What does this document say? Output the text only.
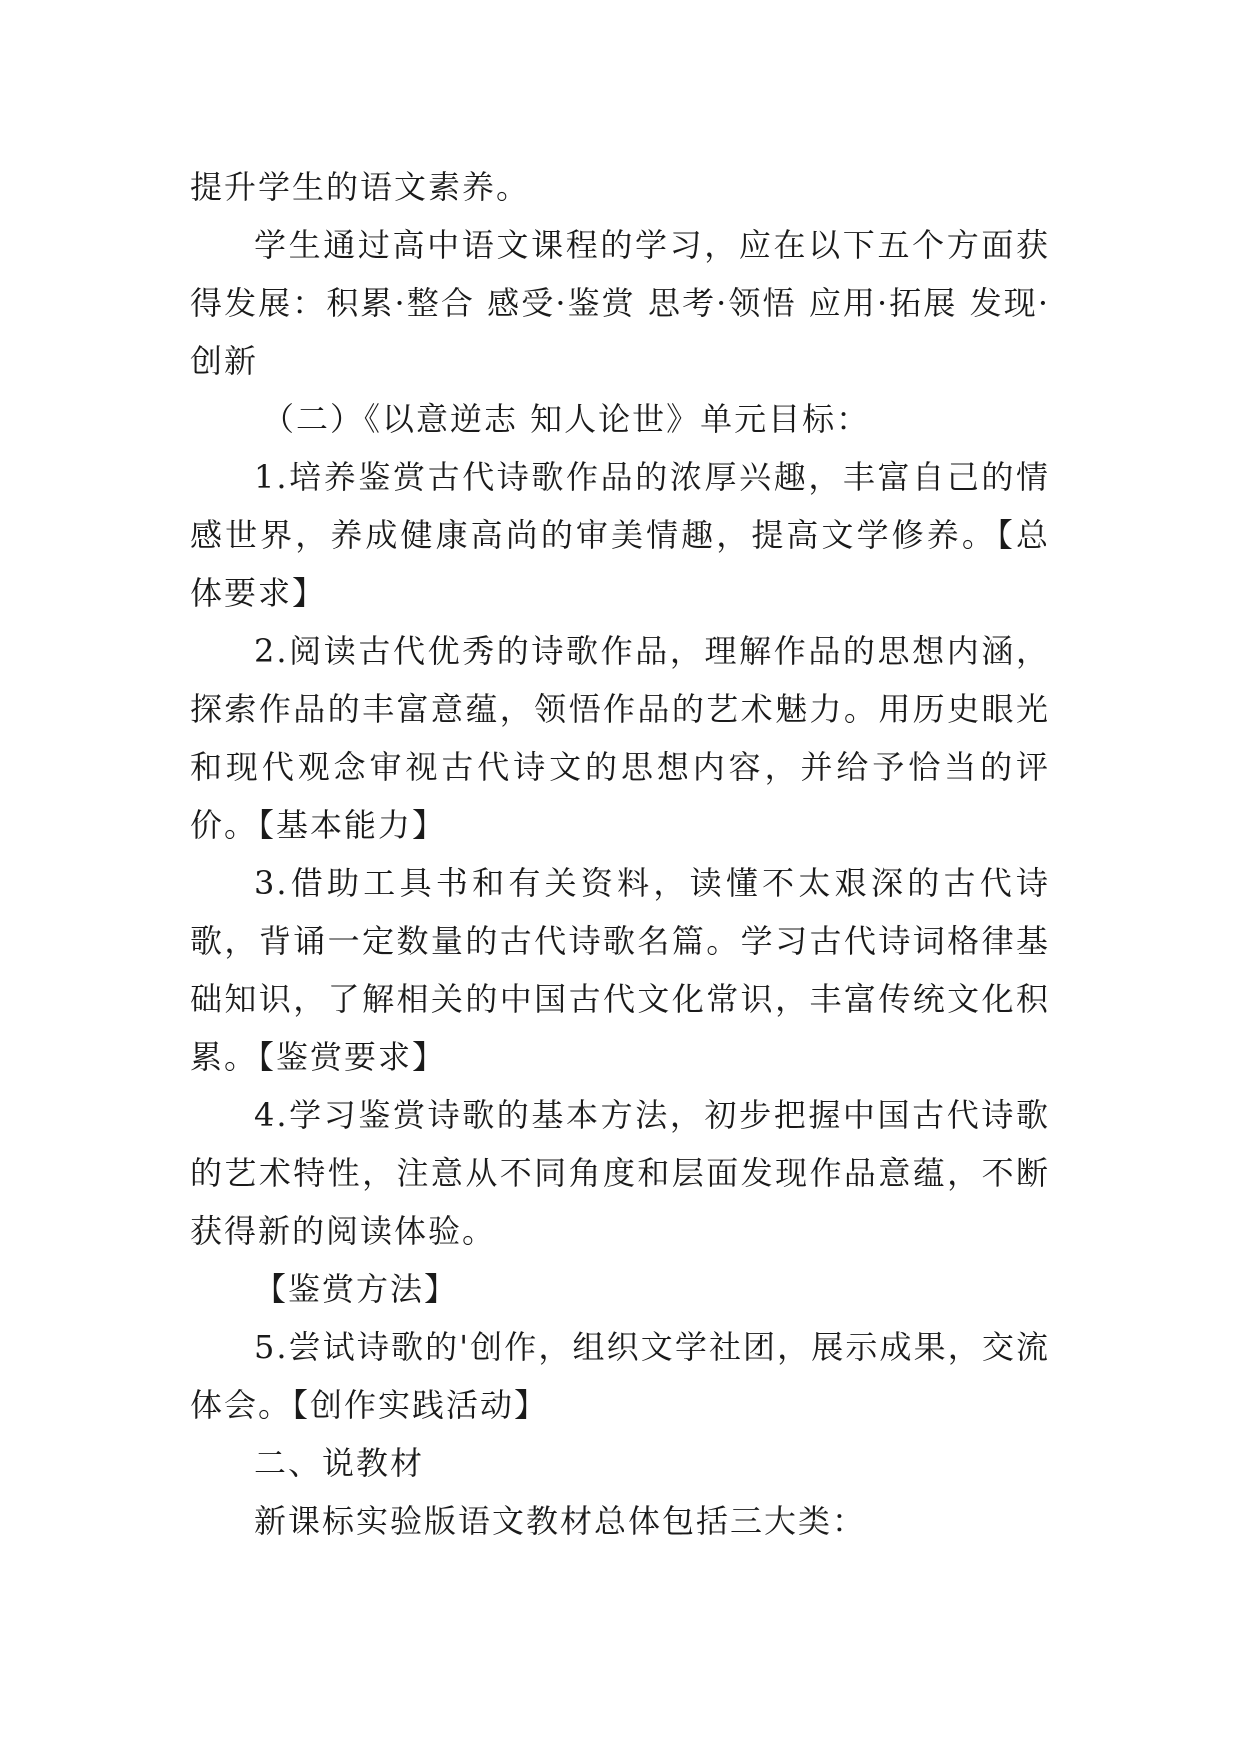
提升学生的语文素养。

学生通过高中语文课程的学习，应在以下五个方面获得发展：积累·整合 感受·鉴赏 思考·领悟 应用·拓展 发现·创新

（二）《以意逆志 知人论世》单元目标：

1.培养鉴赏古代诗歌作品的浓厚兴趣，丰富自己的情感世界，养成健康高尚的审美情趣，提高文学修养。【总体要求】

2.阅读古代优秀的诗歌作品，理解作品的思想内涵，探索作品的丰富意蕴，领悟作品的艺术魅力。用历史眼光和现代观念审视古代诗文的思想内容，并给予恰当的评价。【基本能力】

3.借助工具书和有关资料，读懂不太艰深的古代诗歌，背诵一定数量的古代诗歌名篇。学习古代诗词格律基础知识，了解相关的中国古代文化常识，丰富传统文化积累。【鉴赏要求】

4.学习鉴赏诗歌的基本方法，初步把握中国古代诗歌的艺术特性，注意从不同角度和层面发现作品意蕴，不断获得新的阅读体验。

【鉴赏方法】

5.尝试诗歌的'创作，组织文学社团，展示成果，交流体会。【创作实践活动】

二、说教材

新课标实验版语文教材总体包括三大类：
